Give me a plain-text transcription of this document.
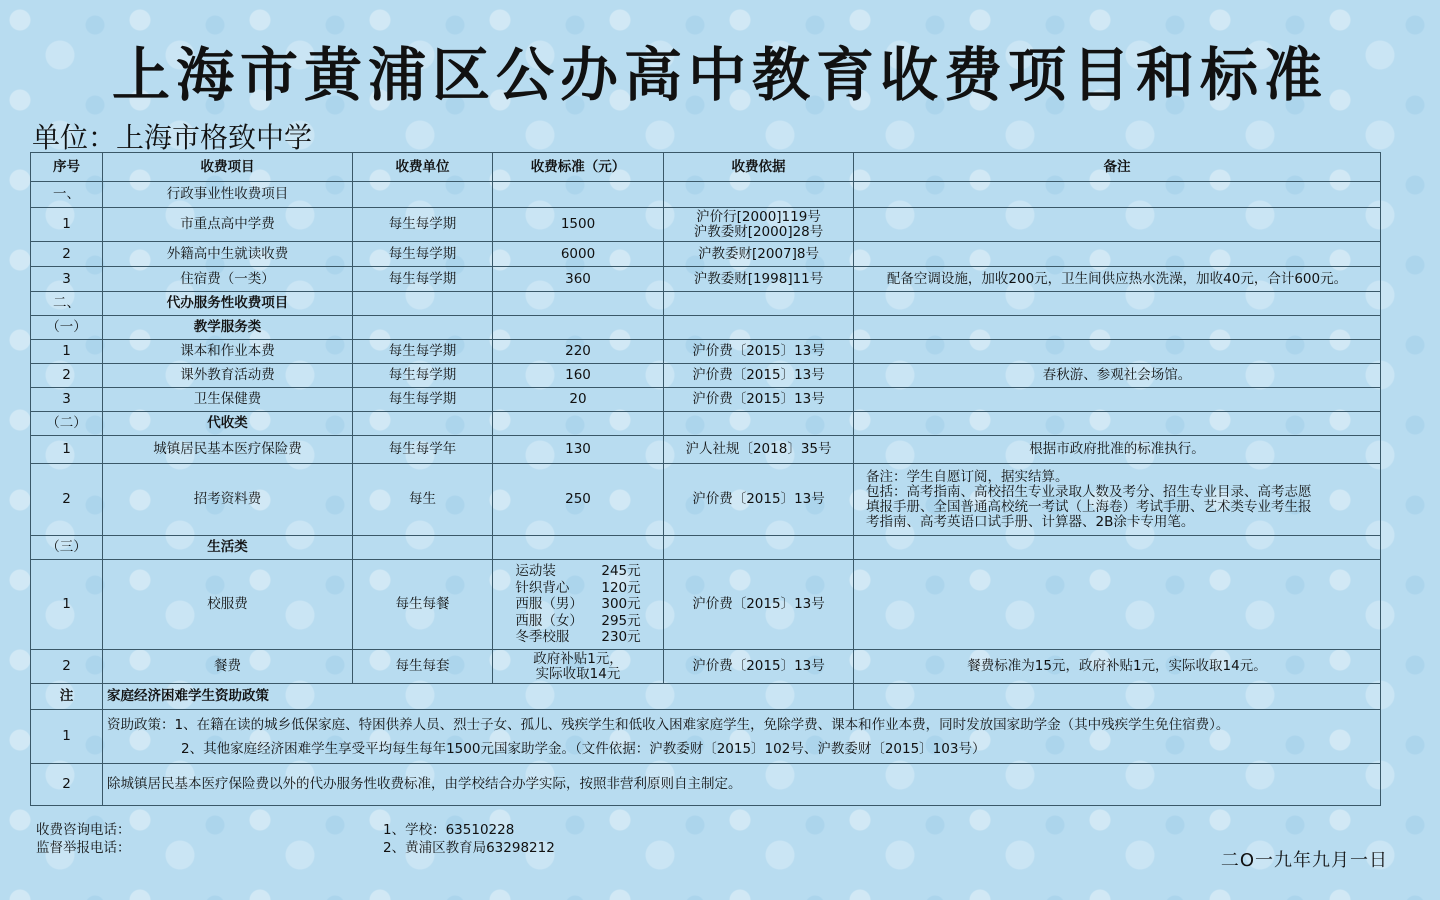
上海市黄浦区公办高中教育收费项目和标准
单位：上海市格致中学
序号	收费项目	收费单位	收费标准（元）	收费依据	备注
一、	行政事业性收费项目				
1	市重点高中学费	每生每学期	1500	沪价行[2000]119号
沪教委财[2000]28号	

2	外籍高中生就读收费	每生每学期	6000	沪教委财[2007]8号	
3	住宿费（一类）	每生每学期	360	沪教委财[1998]11号	配备空调设施，加收200元，卫生间供应热水洗澡，加收40元，合计600元。
二、	代办服务性收费项目				
（一）	教学服务类				
1	课本和作业本费	每生每学期	220	沪价费〔2015〕13号	
2	课外教育活动费	每生每学期	160	沪价费〔2015〕13号	春秋游、参观社会场馆。
3	卫生保健费	每生每学期	20	沪价费〔2015〕13号	
（二）	代收类				
1	城镇居民基本医疗保险费	每生每学年	130	沪人社规〔2018〕35号	根据市政府批准的标准执行。
2	招考资料费	每生	250	沪价费〔2015〕13号	备注：学生自愿订阅，据实结算。
包括：高考指南、高校招生专业录取人数及考分、招生专业目录、高考志愿
填报手册、全国普通高校统一考试（上海卷）考试手册、艺术类专业考生报
考指南、高考英语口试手册、计算器、2B涂卡专用笔。

（三）	生活类				
1	校服费	每生每餐	运动装 245元
针织背心 120元
西服（男） 300元
西服（女） 295元
冬季校服 230元	沪价费〔2015〕13号	
2	餐费	每生每套	政府补贴1元，
实际收取14元	沪价费〔2015〕13号	餐费标准为15元，政府补贴1元，实际收取14元。
注	家庭经济困难学生资助政策				
1	资助政策：1、在籍在读的城乡低保家庭、特困供养人员、烈士子女、孤儿、残疾学生和低收入困难家庭学生，免除学费、课本和作业本费，同时发放国家助学金（其中残疾学生免住宿费）。
2、其他家庭经济困难学生享受平均每生每年1500元国家助学金。（文件依据：沪教委财〔2015〕102号、沪教委财〔2015〕103号）				

2	除城镇居民基本医疗保险费以外的代办服务性收费标准，由学校结合办学实际，按照非营利原则自主制定。				
收费咨询电话：
监督举报电话：
1、学校：63510228
2、黄浦区教育局63298212
二O一九年九月一日
